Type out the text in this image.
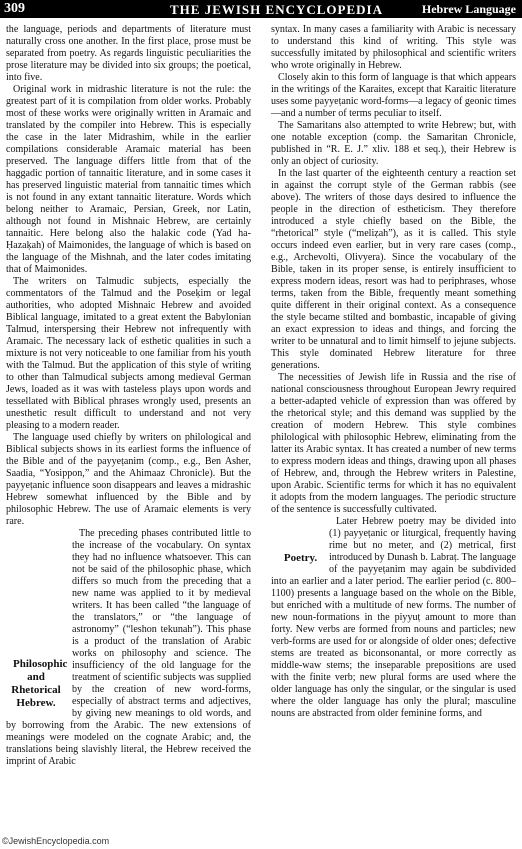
309	THE JEWISH ENCYCLOPEDIA	Hebrew Language

the language, periods and departments of literature must naturally cross one another. In the first place, prose must be separated from poetry. As regards linguistic peculiarities the prose literature may be divided into six groups; the poetical, into five.

Original work in midrashic literature is not the rule: the greatest part of it is compilation from older works. Probably most of these works were originally written in Aramaic and translated by the compiler into Hebrew. This is especially the case in the later Midrashim, while in the earlier compilations considerable Aramaic material has been preserved. The language differs little from that of the haggadic portion of tannaitic literature, and in some cases it has preserved linguistic material from tannaitic times which is not found in any extant tannaitic literature. Words which belong neither to Aramaic, Persian, Greek, nor Latin, although not found in Mishnaic Hebrew, are certainly tannaitic. Here belong also the halakic code (Yad ha-Ḥazaḳah) of Maimonides, the language of which is based on the language of the Mishnah, and the later codes imitating that of Maimonides.

The writers on Talmudic subjects, especially the commentators of the Talmud and the Poseḳim or legal authorities, who adopted Mishnaic Hebrew and avoided Biblical language, imitated to a great extent the Babylonian Talmud, interspersing their Hebrew not infrequently with Aramaic. The necessary lack of esthetic qualities in such a mixture is not very noticeable to one familiar from his youth with the Talmud. But the application of this style of writing to other than Talmudical subjects among medieval German Jews, loaded as it was with tasteless plays upon words and tessellated with Biblical phrases wrongly used, presents an unesthetic result difficult to understand and not very pleasing to a modern reader.

The language used chiefly by writers on philological and Biblical subjects shows in its earliest forms the influence of the Bible and of the payyeṭanim (comp., e.g., Ben Asher, Saadia, “Yosippon,” and the Ahimaaz Chronicle). But the payyeṭanic influence soon disappears and leaves a midrashic Hebrew somewhat influenced by the Bible and by philosophic Hebrew. The use of Aramaic elements is very rare.

Philosophic and Rhetorical Hebrew.
The preceding phases contributed little to the increase of the vocabulary. On syntax they had no influence whatsoever. This can not be said of the philosophic phase, which differs so much from the preceding that a new name was applied to it by medieval writers. It has been called “the language of the translators,” or “the language of astronomy” (“leshon tekunah”). This phase is a product of the translation of Arabic works on philosophy and science. The insufficiency of the old language for the treatment of scientific subjects was supplied by the creation of new word-forms, especially of abstract terms and adjectives, by giving new meanings to old words, and by borrowing from the Arabic. The new extensions of meanings were modeled on the cognate Arabic; and, the translations being slavishly literal, the Hebrew received the imprint of Arabic

syntax. In many cases a familiarity with Arabic is necessary to understand this kind of writing. This style was successfully imitated by philosophical and scientific writers who wrote originally in Hebrew.

Closely akin to this form of language is that which appears in the writings of the Karaites, except that Karaitic literature uses some payyeṭanic word-forms—a legacy of geonic times—and a number of terms peculiar to itself.

The Samaritans also attempted to write Hebrew; but, with one notable exception (comp. the Samaritan Chronicle, published in “R. E. J.” xliv. 188 et seq.), their Hebrew is only an object of curiosity.

In the last quarter of the eighteenth century a reaction set in against the corrupt style of the German rabbis (see above). The writers of those days desired to influence the people in the direction of estheticism. They therefore introduced a style chiefly based on the Bible, the “rhetorical” style (“meliẓah”), as it is called. This style occurs indeed even earlier, but in very rare cases (comp., e.g., Archevolti, Olivyera). Since the vocabulary of the Bible, taken in its proper sense, is entirely insufficient to express modern ideas, resort was had to periphrases, whose terms, taken from the Bible, frequently meant something quite different in their original context. As a consequence the style became stilted and bombastic, incapable of giving an exact expression to ideas and things, and forcing the writer to be unnatural and to limit himself to jejune subjects. This style dominated Hebrew literature for three generations.

The necessities of Jewish life in Russia and the rise of national consciousness throughout European Jewry required a better-adapted vehicle of expression than was offered by the rhetorical style; and this demand was supplied by the creation of modern Hebrew. This style combines philological with philosophic Hebrew, eliminating from the latter its Arabic syntax. It has created a number of new terms to express modern ideas and things, drawing upon all phases of Hebrew, and, through the Hebrew writers in Palestine, upon Arabic. Scientific terms for which it has no equivalent it adopts from the modern languages. The periodic structure of the sentence is successfully cultivated.

Poetry.
Later Hebrew poetry may be divided into (1) payyeṭanic or liturgical, frequently having rime but no meter, and (2) metrical, first introduced by Dunash b. Labraṭ. The language of the payyeṭanim may again be subdivided into an earlier and a later period. The earlier period (c. 800–1100) presents a language based on the whole on the Bible, but enriched with a multitude of new forms. The number of new noun-formations in the piyyuṭ amount to more than forty. New verbs are formed from nouns and particles; new verb-forms are used for or alongside of older ones; defective stems are treated as biconsonantal, or more correctly as middle-waw stems; the inseparable prepositions are used with the finite verb; new plural forms are used where the older language has only the singular, or the singular is used where the older language has only the plural; masculine nouns are abstracted from older feminine forms, and

©JewishEncyclopedia.com
